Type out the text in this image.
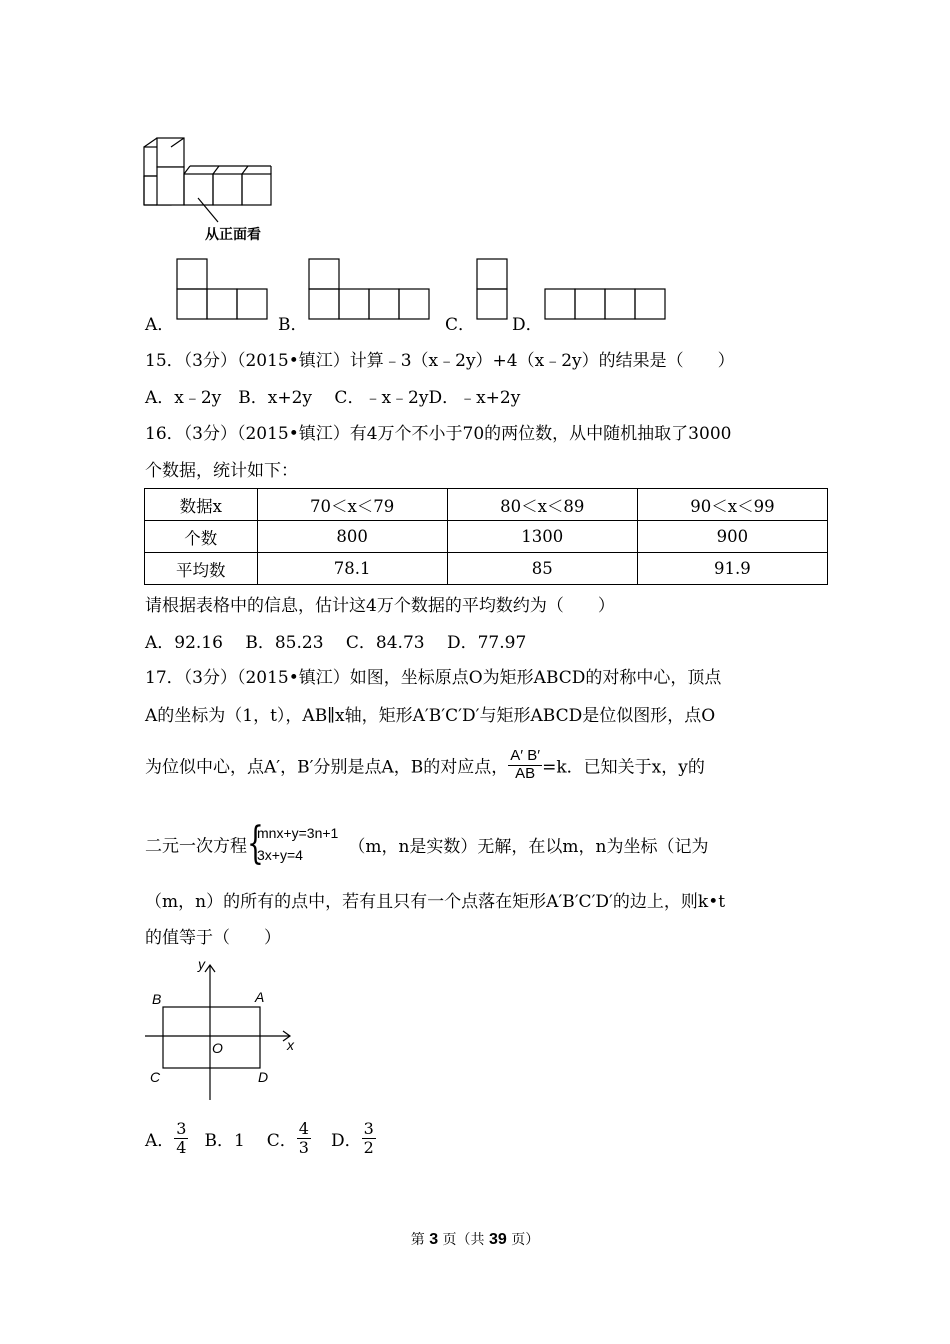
从正面看
A．	B．	C． D．
15．（3分）（2015•镇江）计算﹣3（x﹣2y）+4（x﹣2y）的结果是（　　）
A．x﹣2y　B．x+2y　 C．﹣x﹣2yD．﹣x+2y
16．（3分）（2015•镇江）有4万个不小于70的两位数，从中随机抽取了3000
个数据，统计如下：
数据x	70＜x＜79	80＜x＜89	90＜x＜99
个数	800	1300	900
平均数	78.1	85	91.9
请根据表格中的信息，估计这4万个数据的平均数约为（　　）
A．92.16　 B．85.23　 C．84.73　 D．77.97
17．（3分）（2015•镇江）如图，坐标原点O为矩形ABCD的对称中心，顶点
A的坐标为（1，t），AB∥x轴，矩形A′B′C′D′与矩形ABCD是位似图形，点O
为位似中心，点A′，B′分别是点A，B的对应点， $\frac{A' B'}{AB} =k$．已知关于x，y的
二元一次方程 {
mnx+y=3n+1
3x+y=4	（m，n是实数）无解，在以m，n为坐标（记为
（m，n）的所有的点中，若有且只有一个点落在矩形A′B′C′D′的边上，则k•t
的值等于（　　）
y
x
O
A
B
C	D
A． $\frac{3}{4}$ B．1 C． $\frac{4}{3}$ D． $\frac{3}{2}$
第 3 页（共 39 页）
